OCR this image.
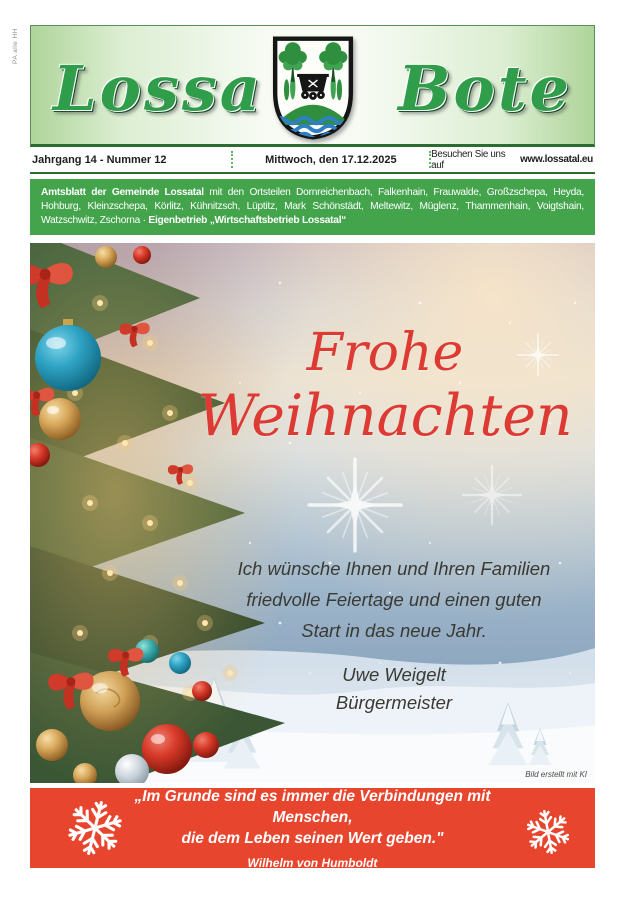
PA alle HH
Lossa Bote
Jahrgang 14 - Nummer 12	Mittwoch, den 17.12.2025	Besuchen Sie uns auf	www.lossatal.eu
Amtsblatt der Gemeinde Lossatal mit den Ortsteilen Dornreichenbach, Falkenhain, Frauwalde, Großzschepa, Heyda, Hohburg, Kleinzschepa, Körlitz, Kühnitzsch, Lüptitz, Mark Schönstädt, Meltewitz, Müglenz, Thammenhain, Voigtshain, Watzschwitz, Zschorna · Eigenbetrieb „Wirtschaftsbetrieb Lossatal“
Frohe
Weihnachten
Ich wünsche Ihnen und Ihren Familien
friedvolle Feiertage und einen guten
Start in das neue Jahr.
Uwe Weigelt
Bürgermeister
Bild erstellt mit KI
„Im Grunde sind es immer die Verbindungen mit Menschen,
die dem Leben seinen Wert geben."
Wilhelm von Humboldt
